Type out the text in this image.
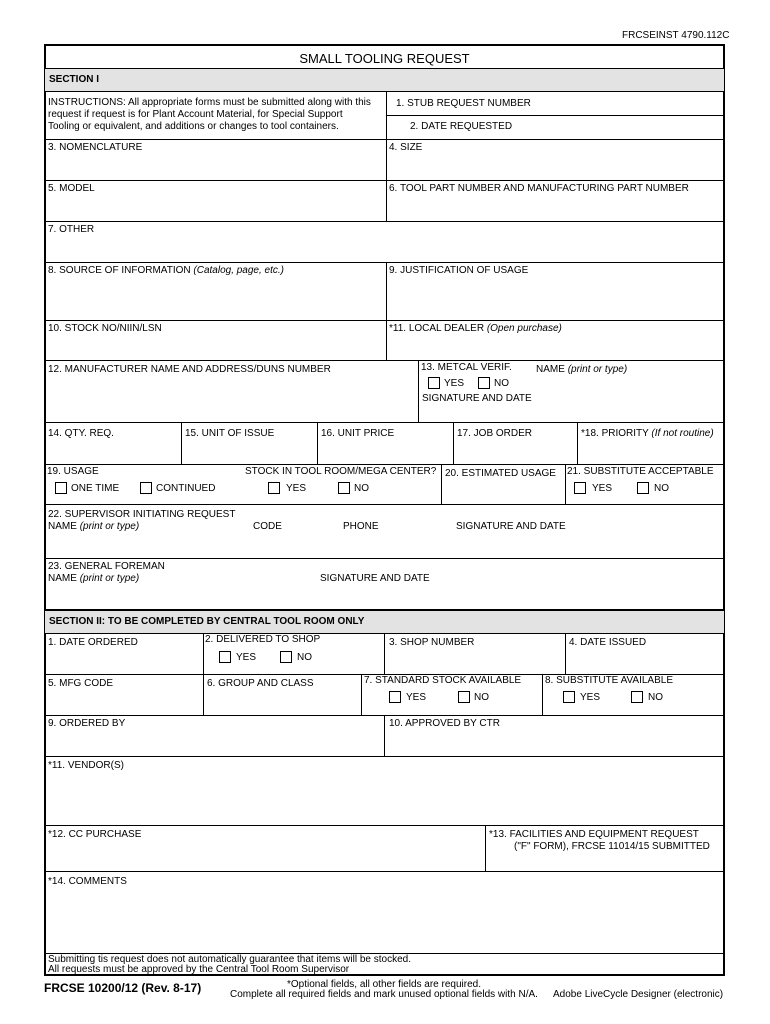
FRCSEINST 4790.112C
SMALL TOOLING REQUEST
SECTION I
INSTRUCTIONS: All appropriate forms must be submitted along with this
request if request is for Plant Account Material, for Special Support
Tooling or equivalent, and additions or changes to tool containers.
1. STUB REQUEST NUMBER
2. DATE REQUESTED
3. NOMENCLATURE	4. SIZE
5. MODEL	6. TOOL PART NUMBER AND MANUFACTURING PART NUMBER
7. OTHER
8. SOURCE OF INFORMATION (Catalog, page, etc.)	9. JUSTIFICATION OF USAGE
10. STOCK NO/NIIN/LSN	*11. LOCAL DEALER (Open purchase)
12. MANUFACTURER NAME AND ADDRESS/DUNS NUMBER	13. METCAL VERIF. NAME (print or type)
YES	NO
SIGNATURE AND DATE
14. QTY. REQ.	15. UNIT OF ISSUE	16. UNIT PRICE	17. JOB ORDER	*18. PRIORITY (If not routine)
19. USAGE
ONE TIME	CONTINUED
STOCK IN TOOL ROOM/MEGA CENTER?
YES	NO
20. ESTIMATED USAGE 21. SUBSTITUTE ACCEPTABLE
YES	NO
22. SUPERVISOR INITIATING REQUEST
NAME (print or type)	CODE	PHONE	SIGNATURE AND DATE
23. GENERAL FOREMAN
NAME (print or type)	SIGNATURE AND DATE
SECTION II: TO BE COMPLETED BY CENTRAL TOOL ROOM ONLY
1. DATE ORDERED	2. DELIVERED TO SHOP
YES	NO
3. SHOP NUMBER	4. DATE ISSUED
5. MFG CODE	6. GROUP AND CLASS	7. STANDARD STOCK AVAILABLE
YES	NO
8. SUBSTITUTE AVAILABLE
YES	NO
9. ORDERED BY	10. APPROVED BY CTR
*11. VENDOR(S)
*12. CC PURCHASE	*13. FACILITIES AND EQUIPMENT REQUEST
("F" FORM), FRCSE 11014/15 SUBMITTED
*14. COMMENTS
Submitting tis request does not automatically guarantee that items will be stocked.
All requests must be approved by the Central Tool Room Supervisor
FRCSE 10200/12 (Rev. 8-17)	*Optional fields, all other fields are required.
Complete all required fields and mark unused optional fields with N/A. Adobe LiveCycle Designer (electronic)
